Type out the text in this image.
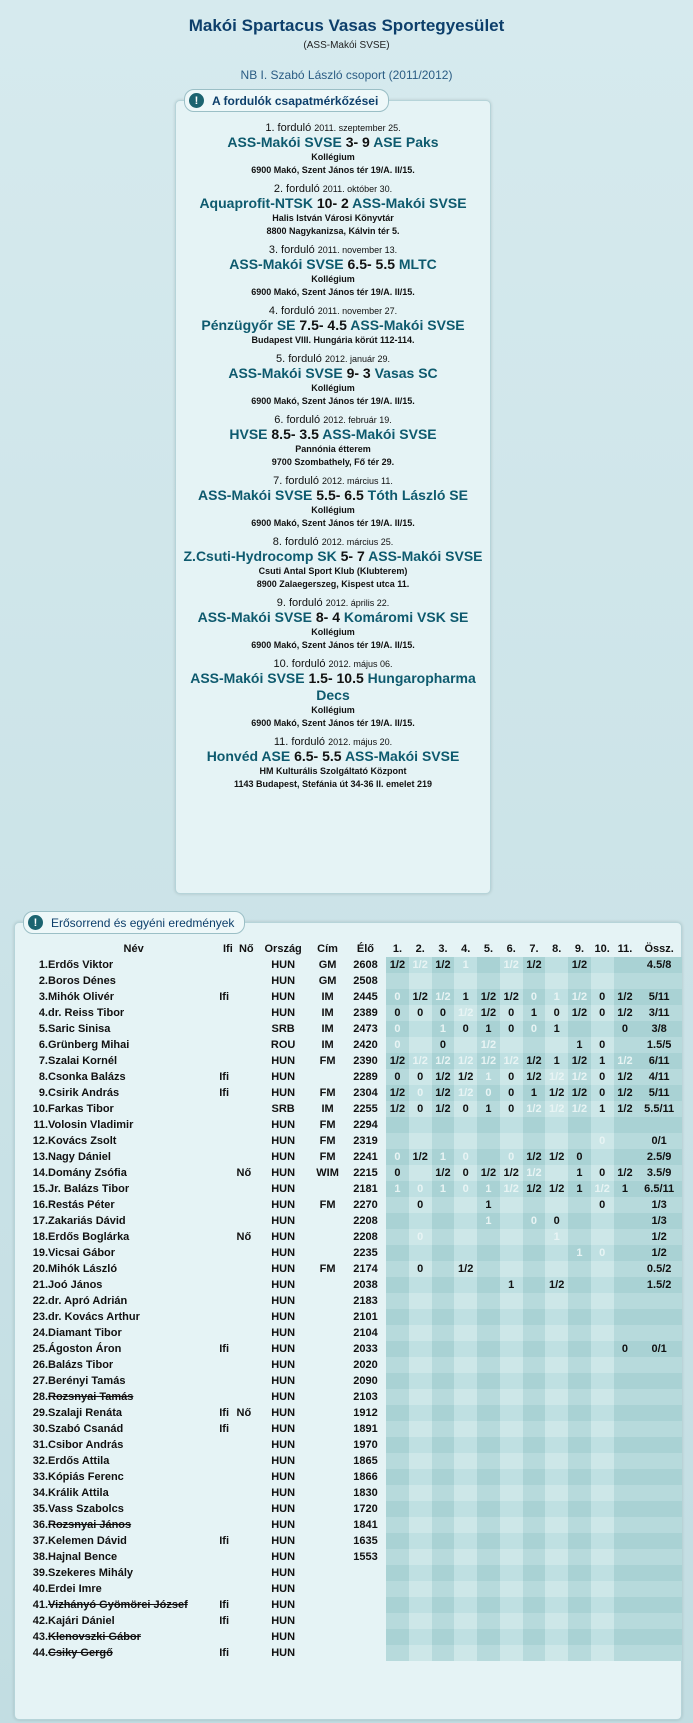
Makói Spartacus Vasas Sportegyesület
(ASS-Makói SVSE)
NB I. Szabó László csoport (2011/2012)
!	A fordulók csapatmérkőzései
1. forduló 2011. szeptember 25.
ASS-Makói SVSE 3- 9 ASE Paks
Kollégium
6900 Makó, Szent János tér 19/A. II/15.
2. forduló 2011. október 30.
Aquaprofit-NTSK 10- 2 ASS-Makói SVSE
Halis István Városi Könyvtár
8800 Nagykanizsa, Kálvin tér 5.
3. forduló 2011. november 13.
ASS-Makói SVSE 6.5- 5.5 MLTC
Kollégium
6900 Makó, Szent János tér 19/A. II/15.
4. forduló 2011. november 27.
Pénzügyőr SE 7.5- 4.5 ASS-Makói SVSE
Budapest VIII. Hungária körút 112-114.
5. forduló 2012. január 29.
ASS-Makói SVSE 9- 3 Vasas SC
Kollégium
6900 Makó, Szent János tér 19/A. II/15.
6. forduló 2012. február 19.
HVSE 8.5- 3.5 ASS-Makói SVSE
Pannónia étterem
9700 Szombathely, Fő tér 29.
7. forduló 2012. március 11.
ASS-Makói SVSE 5.5- 6.5 Tóth László SE
Kollégium
6900 Makó, Szent János tér 19/A. II/15.
8. forduló 2012. március 25.
Z.Csuti-Hydrocomp SK 5- 7 ASS-Makói SVSE
Csuti Antal Sport Klub (Klubterem)
8900 Zalaegerszeg, Kispest utca 11.
9. forduló 2012. április 22.
ASS-Makói SVSE 8- 4 Komáromi VSK SE
Kollégium
6900 Makó, Szent János tér 19/A. II/15.
10. forduló 2012. május 06.
ASS-Makói SVSE 1.5- 10.5 Hungaropharma Decs
Kollégium
6900 Makó, Szent János tér 19/A. II/15.
11. forduló 2012. május 20.
Honvéd ASE 6.5- 5.5 ASS-Makói SVSE
HM Kulturális Szolgáltató Központ
1143 Budapest, Stefánia út 34-36 II. emelet 219
!	Erősorrend és egyéni eredmények
	Név	Ifi	Nő	Ország	Cím	Élő	1.	2.	3.	4.	5.	6.	7.	8.	9.	10.	11.	Össz.
1.	Erdős Viktor			HUN	GM	2608	1/2	1/2	1/2	1		1/2	1/2		1/2			4.5/8
2.	Boros Dénes			HUN	GM	2508												
3.	Mihók Olivér	Ifi		HUN	IM	2445	0	1/2	1/2	1	1/2	1/2	0	1	1/2	0	1/2	5/11
4.	dr. Reiss Tibor			HUN	IM	2389	0	0	0	1/2	1/2	0	1	0	1/2	0	1/2	3/11
5.	Saric Sinisa			SRB	IM	2473	0		1	0	1	0	0	1			0	3/8
6.	Grünberg Mihai			ROU	IM	2420	0		0		1/2				1	0		1.5/5
7.	Szalai Kornél			HUN	FM	2390	1/2	1/2	1/2	1/2	1/2	1/2	1/2	1	1/2	1	1/2	6/11
8.	Csonka Balázs	Ifi		HUN		2289	0	0	1/2	1/2	1	0	1/2	1/2	1/2	0	1/2	4/11
9.	Csirik András	Ifi		HUN	FM	2304	1/2	0	1/2	1/2	0	0	1	1/2	1/2	0	1/2	5/11
10.	Farkas Tibor			SRB	IM	2255	1/2	0	1/2	0	1	0	1/2	1/2	1/2	1	1/2	5.5/11
11.	Volosin Vladimir			HUN	FM	2294												
12.	Kovács Zsolt			HUN	FM	2319										0		0/1
13.	Nagy Dániel			HUN	FM	2241	0	1/2	1	0		0	1/2	1/2	0			2.5/9
14.	Domány Zsófia		Nő	HUN	WIM	2215	0		1/2	0	1/2	1/2	1/2		1	0	1/2	3.5/9
15.	Jr. Balázs Tibor			HUN		2181	1	0	1	0	1	1/2	1/2	1/2	1	1/2	1	6.5/11
16.	Restás Péter			HUN	FM	2270		0			1					0		1/3
17.	Zakariás Dávid			HUN		2208					1		0	0				1/3
18.	Erdős Boglárka		Nő	HUN		2208		0						1				1/2
19.	Vicsai Gábor			HUN		2235									1	0		1/2
20.	Mihók László			HUN	FM	2174		0		1/2								0.5/2
21.	Joó János			HUN		2038						1		1/2				1.5/2
22.	dr. Apró Adrián			HUN		2183												
23.	dr. Kovács Arthur			HUN		2101												
24.	Diamant Tibor			HUN		2104												
25.	Ágoston Áron	Ifi		HUN		2033											0	0/1
26.	Balázs Tibor			HUN		2020												
27.	Berényi Tamás			HUN		2090												
28.	Rozsnyai Tamás			HUN		2103												
29.	Szalaji Renáta	Ifi	Nő	HUN		1912												
30.	Szabó Csanád	Ifi		HUN		1891												
31.	Csibor András			HUN		1970												
32.	Erdős Attila			HUN		1865												
33.	Kópiás Ferenc			HUN		1866												
34.	Králik Attila			HUN		1830												
35.	Vass Szabolcs			HUN		1720												
36.	Rozsnyai János			HUN		1841												
37.	Kelemen Dávid	Ifi		HUN		1635												
38.	Hajnal Bence			HUN		1553												
39.	Szekeres Mihály			HUN														
40.	Erdei Imre			HUN														
41.	Vizhányó Gyömörei József	Ifi		HUN														
42.	Kajári Dániel	Ifi		HUN														
43.	Klenovszki Gábor			HUN														
44.	Csiky Gergő	Ifi		HUN														
